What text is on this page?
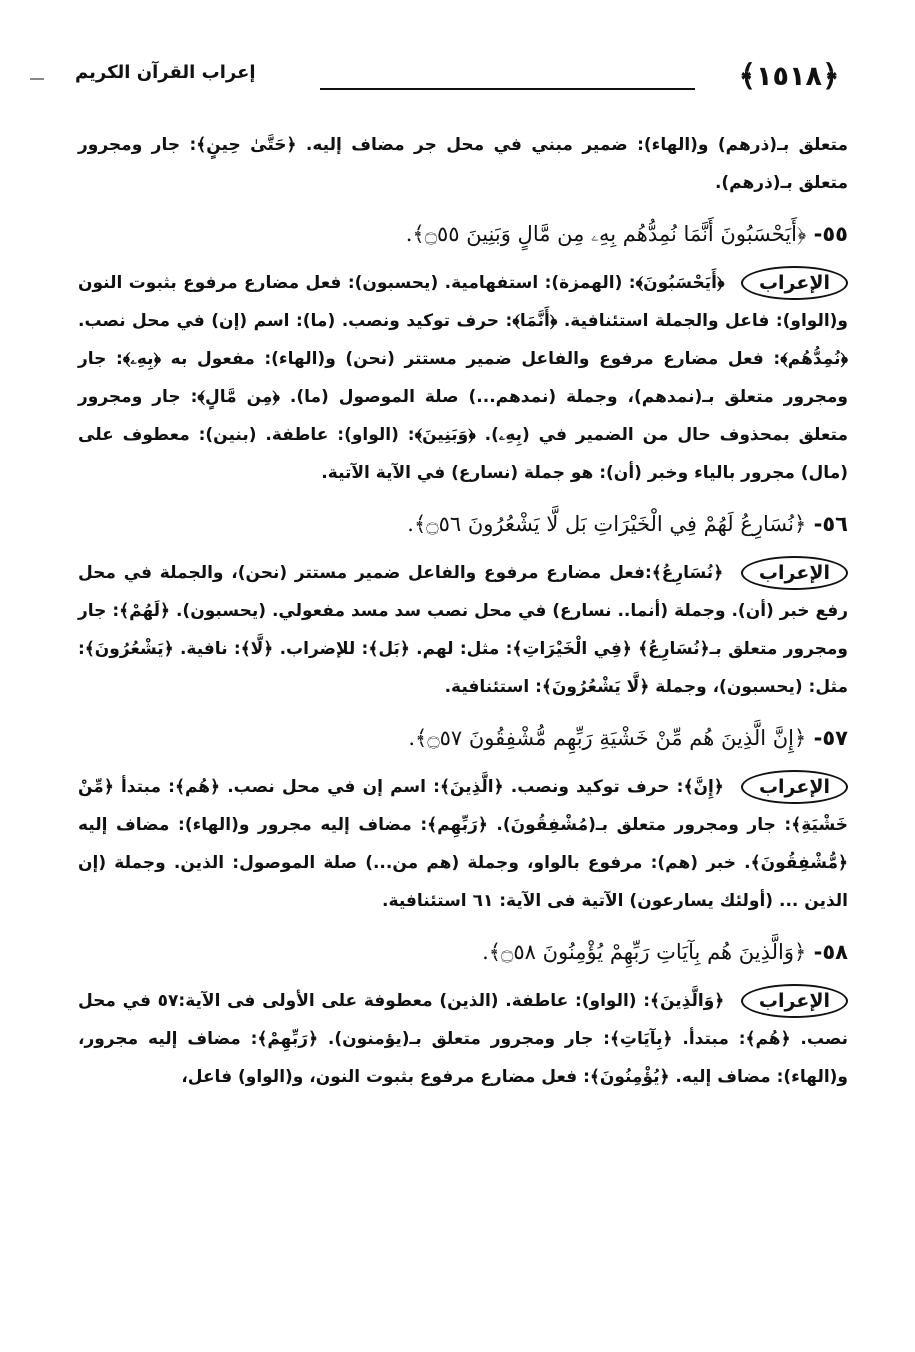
﴿
١٥١٨
﴾
إعراب القرآن الكريم

متعلق بـ(ذرهم) و(الهاء): ضمير مبني في محل جر مضاف إليه. ﴿حَتَّىٰ حِينٍ﴾: جار ومجرور متعلق بـ(ذرهم).

٥٥- ﴿أَيَحْسَبُونَ أَنَّمَا نُمِدُّهُم بِهِۦ مِن مَّالٍ وَبَنِينَ ۝٥٥﴾.

الإعراب ﴿أَيَحْسَبُونَ﴾: (الهمزة): استفهامية. (يحسبون): فعل مضارع مرفوع بثبوت النون و(الواو): فاعل والجملة استئنافية. ﴿أَنَّمَا﴾: حرف توكيد ونصب. (ما): اسم (إن) في محل نصب. ﴿نُمِدُّهُم﴾: فعل مضارع مرفوع والفاعل ضمير مستتر (نحن) و(الهاء): مفعول به ﴿بِهِۦ﴾: جار ومجرور متعلق بـ(نمدهم)، وجملة (نمدهم...) صلة الموصول (ما). ﴿مِن مَّالٍ﴾: جار ومجرور متعلق بمحذوف حال من الضمير في (بِهِۦ). ﴿وَبَنِينَ﴾: (الواو): عاطفة. (بنين): معطوف على (مال) مجرور بالياء وخبر (أن): هو جملة (نسارع) في الآية الآتية.

٥٦- ﴿نُسَارِعُ لَهُمْ فِي الْخَيْرَاتِ بَل لَّا يَشْعُرُونَ ۝٥٦﴾.

الإعراب ﴿نُسَارِعُ﴾:فعل مضارع مرفوع والفاعل ضمير مستتر (نحن)، والجملة في محل رفع خبر (أن). وجملة (أنما.. نسارع) في محل نصب سد مسد مفعولي. (يحسبون). ﴿لَهُمْ﴾: جار ومجرور متعلق بـ﴿نُسَارِعُ﴾ ﴿فِي الْخَيْرَاتِ﴾: مثل: لهم. ﴿بَل﴾: للإضراب. ﴿لَّا﴾: نافية. ﴿يَشْعُرُونَ﴾: مثل: (يحسبون)، وجملة ﴿لَّا يَشْعُرُونَ﴾: استئنافية.

٥٧- ﴿إِنَّ الَّذِينَ هُم مِّنْ خَشْيَةِ رَبِّهِم مُّشْفِقُونَ ۝٥٧﴾.

الإعراب ﴿إِنَّ﴾: حرف توكيد ونصب. ﴿الَّذِينَ﴾: اسم إن في محل نصب. ﴿هُم﴾: مبتدأ ﴿مِّنْ خَشْيَةِ﴾: جار ومجرور متعلق بـ(مُشْفِقُونَ). ﴿رَبِّهِم﴾: مضاف إليه مجرور و(الهاء): مضاف إليه ﴿مُّشْفِقُونَ﴾. خبر (هم): مرفوع بالواو، وجملة (هم من...) صلة الموصول: الذين. وجملة (إن الذين ... (أولئك يسارعون) الآتية فى الآية: ٦١ استئنافية.

٥٨- ﴿وَالَّذِينَ هُم بِآيَاتِ رَبِّهِمْ يُؤْمِنُونَ ۝٥٨﴾.

الإعراب ﴿وَالَّذِينَ﴾: (الواو): عاطفة. (الذين) معطوفة على الأولى فى الآية:٥٧ في محل نصب. ﴿هُم﴾: مبتدأ. ﴿بِآيَاتِ﴾: جار ومجرور متعلق بـ(يؤمنون). ﴿رَبِّهِمْ﴾: مضاف إليه مجرور، و(الهاء): مضاف إليه. ﴿يُؤْمِنُونَ﴾: فعل مضارع مرفوع بثبوت النون، و(الواو) فاعل،
